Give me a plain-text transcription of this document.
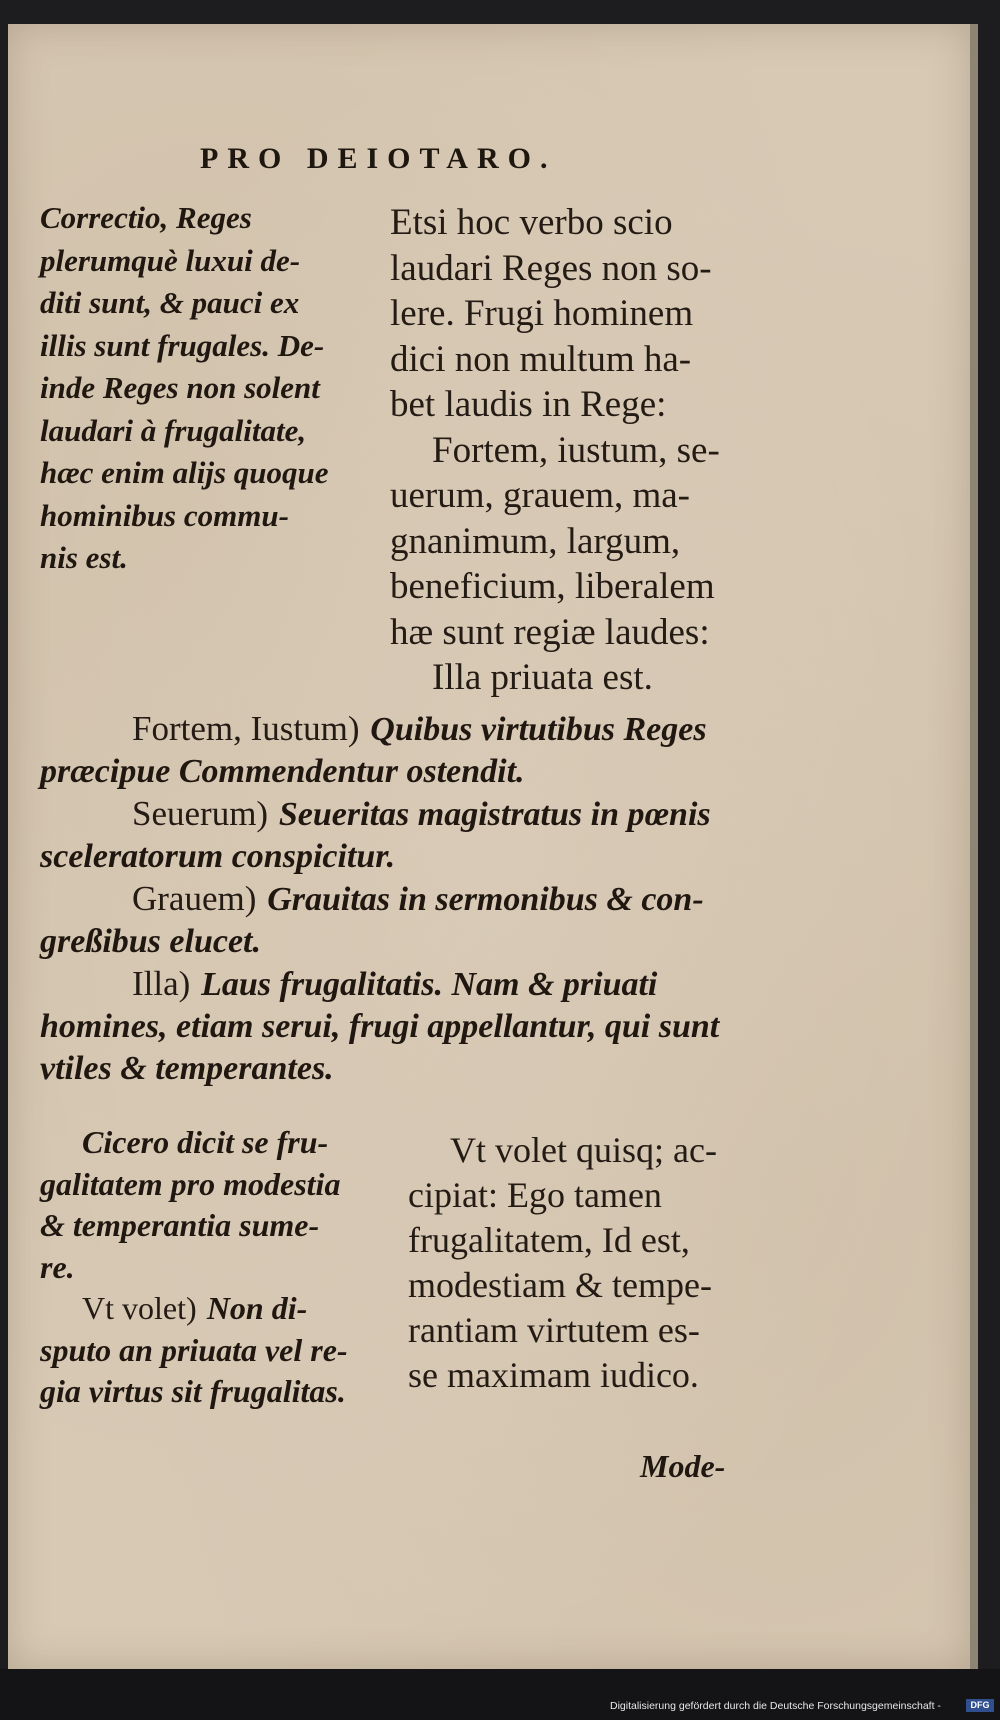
PRO DEIOTARO.
Correctio, Reges
plerumquè luxui de-
diti sunt, & pauci ex
illis sunt frugales. De-
inde Reges non solent
laudari à frugalitate,
hæc enim alijs quoque
hominibus commu-
nis est.
Etsi hoc verbo scio
laudari Reges non so-
lere. Frugi hominem
dici non multum ha-
bet laudis in Rege:
Fortem, iustum, se-
uerum, grauem, ma-
gnanimum, largum,
beneficium, liberalem
hæ sunt regiæ laudes:
Illa priuata est.

Fortem, Iustum) Quibus virtutibus Reges
præcipue Commendentur ostendit.

Seuerum) Seueritas magistratus in pœnis
sceleratorum conspicitur.

Grauem) Grauitas in sermonibus & con-
greßibus elucet.

Illa) Laus frugalitatis. Nam & priuati
homines, etiam serui, frugi appellantur, qui sunt
vtiles & temperantes.

Cicero dicit se fru-
galitatem pro modestia
& temperantia sume-
re.
Vt volet) Non di-
sputo an priuata vel re-
gia virtus sit frugalitas.
Vt volet quisq; ac-
cipiat: Ego tamen
frugalitatem, Id est,
modestiam & tempe-
rantiam virtutem es-
se maximam iudico.
Mode-
Digitalisierung gefördert durch die Deutsche Forschungsgemeinschaft -	DFG
